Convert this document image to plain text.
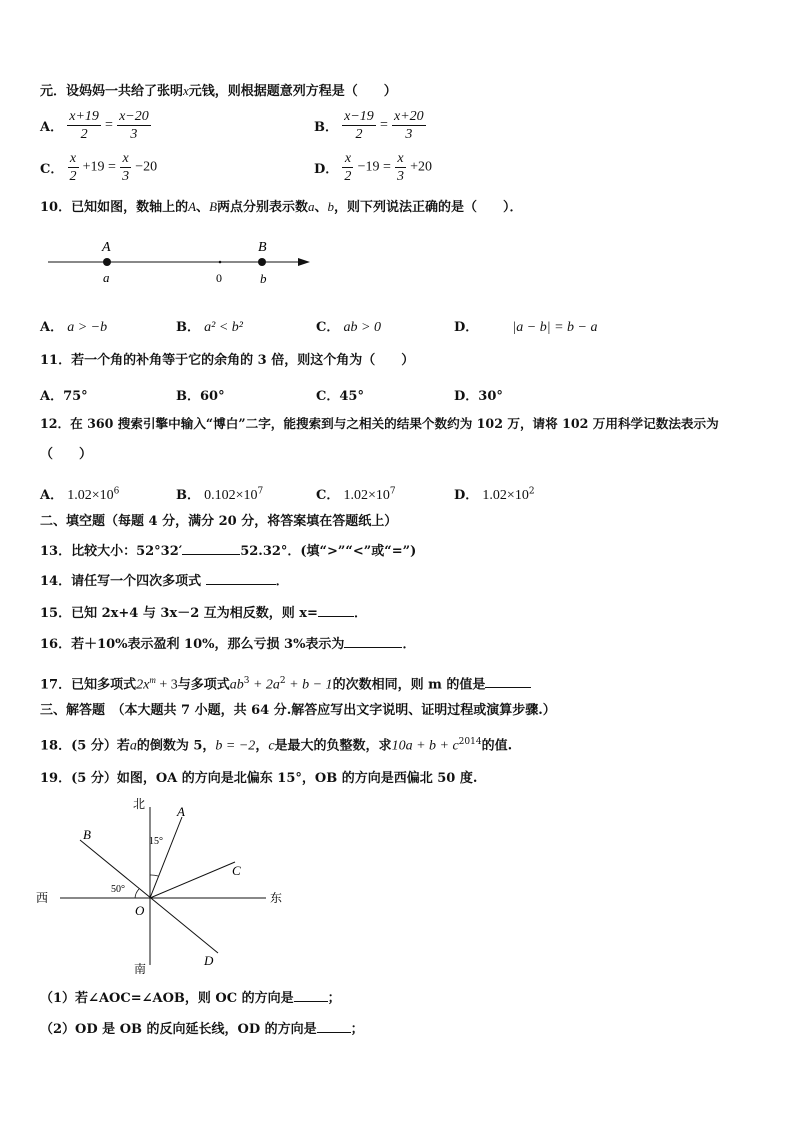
元．设妈妈一共给了张明x元钱，则根据题意列方程是（　　）
A． $\frac{x+19}{2} = \frac{x-20}{3}$	B． $\frac{x-19}{2} = \frac{x+20}{3}$
C． $\frac{x}{2} +19 = \frac{x}{3} -20$	D． $\frac{x}{2} -19 = \frac{x}{3} +20$
10．已知如图，数轴上的A、B两点分别表示数a、b，则下列说法正确的是（　　）．
A	B
a	b
0
A． a > −b	B． a² < b²	C． ab > 0	D． |a − b| = b − a
11．若一个角的补角等于它的余角的 3 倍，则这个角为（　　）
A．75°	B．60°	C．45°	D．30°
12．在 360 搜索引擎中输入“博白”二字，能搜索到与之相关的结果个数约为 102 万，请将 102 万用科学记数法表示为
（　　）
A． $1.02\times 10^6$	B． $0.102\times 10^7$	C． $1.02\times 10^7$	D． $1.02\times 10^2$
二、填空题（每题 4 分，满分 20 分，将答案填在答题纸上）
13．比较大小：52°32′	52.32°．(填“>”“<”或“=”)
14．请任写一个四次多项式	．
15．已知 2x+4 与 3x－2 互为相反数，则 x=	．
16．若＋10%表示盈利 10%，那么亏损 3%表示为	．
17．已知多项式$2x^m + 3$与多项式$ab^3 + 2a^2 + b - 1$的次数相同，则 m 的值是
三、解答题　（本大题共 7 小题，共 64 分.解答应写出文字说明、证明过程或演算步骤.）
18．(5 分）若a的倒数为 5，b = −2，c是最大的负整数，求$10a + b + c^{2014}$的值.
19．(5 分）如图，OA 的方向是北偏东 15°，OB 的方向是西偏北 50 度.
北
南
西	东
A
B
C
D
O
15°
50°
（1）若∠AOC=∠AOB，则 OC 的方向是	；
（2）OD 是 OB 的反向延长线，OD 的方向是	；
